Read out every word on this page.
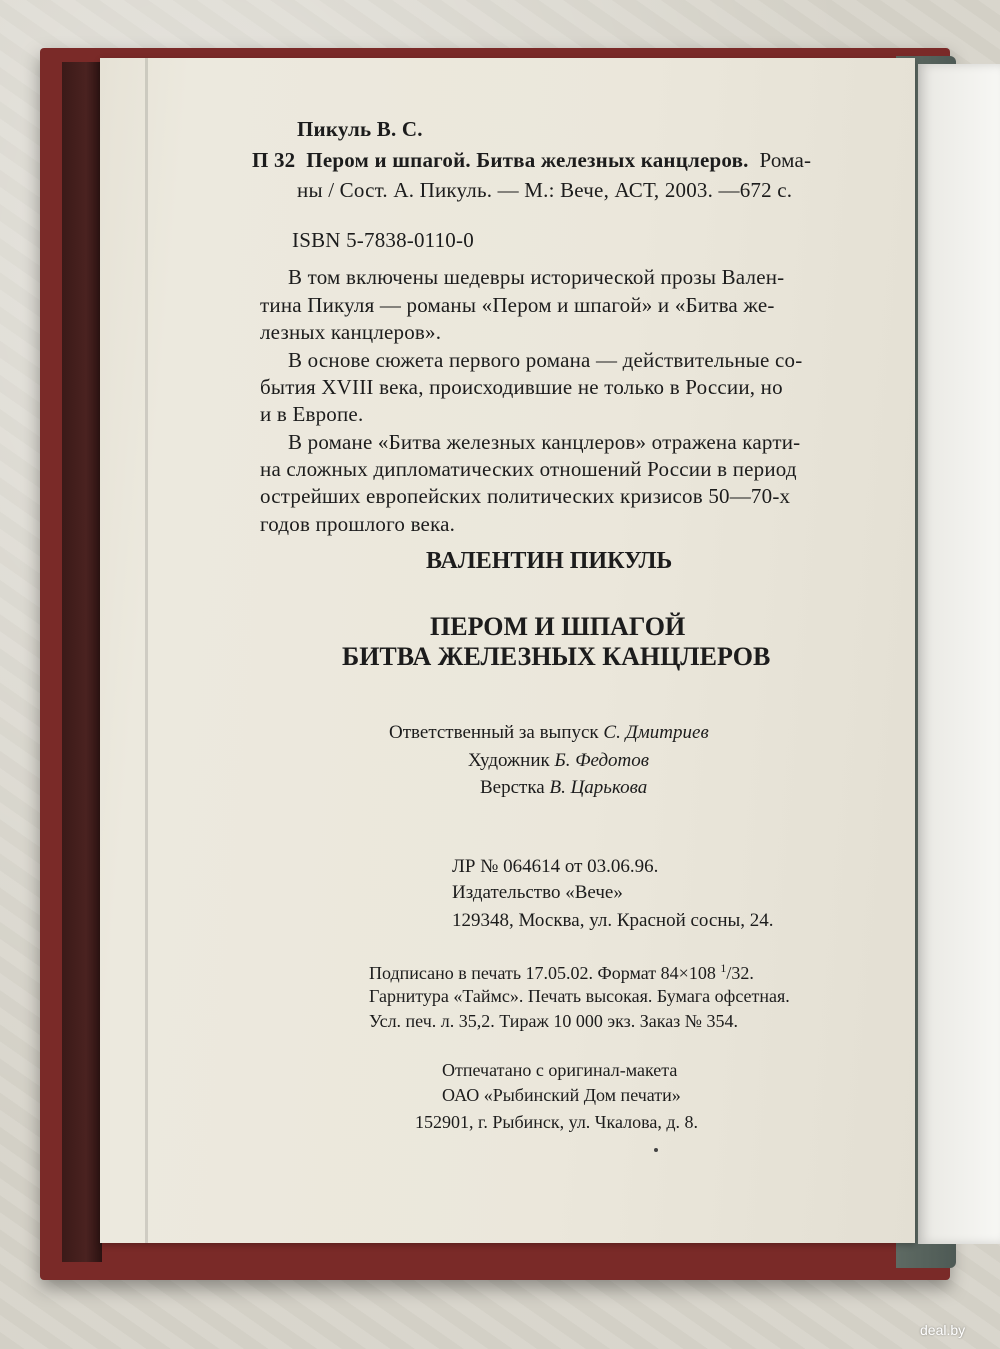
Пикуль В. С.
П 32 Пером и шпагой. Битва железных канцлеров. Рома-
ны / Сост. А. Пикуль. — М.: Вече, АСТ, 2003. —672 с.
ISBN 5-7838-0110-0
В том включены шедевры исторической прозы Вален-
тина Пикуля — романы «Пером и шпагой» и «Битва же-
лезных канцлеров».
В основе сюжета первого романа — действительные со-
бытия XVIII века, происходившие не только в России, но
и в Европе.
В романе «Битва железных канцлеров» отражена карти-
на сложных дипломатических отношений России в период
острейших европейских политических кризисов 50—70-х
годов прошлого века.
ВАЛЕНТИН ПИКУЛЬ
ПЕРОМ И ШПАГОЙ
БИТВА ЖЕЛЕЗНЫХ КАНЦЛЕРОВ
Ответственный за выпуск С. Дмитриев
Художник Б. Федотов
Верстка В. Царькова
ЛР № 064614 от 03.06.96.
Издательство «Вече»
129348, Москва, ул. Красной сосны, 24.
Подписано в печать 17.05.02. Формат 84×108 $^1$/32.
Гарнитура «Таймс». Печать высокая. Бумага офсетная.
Усл. печ. л. 35,2. Тираж 10 000 экз. Заказ № 354.
Отпечатано с оригинал-макета
ОАО «Рыбинский Дом печати»
152901, г. Рыбинск, ул. Чкалова, д. 8.
deal.by
